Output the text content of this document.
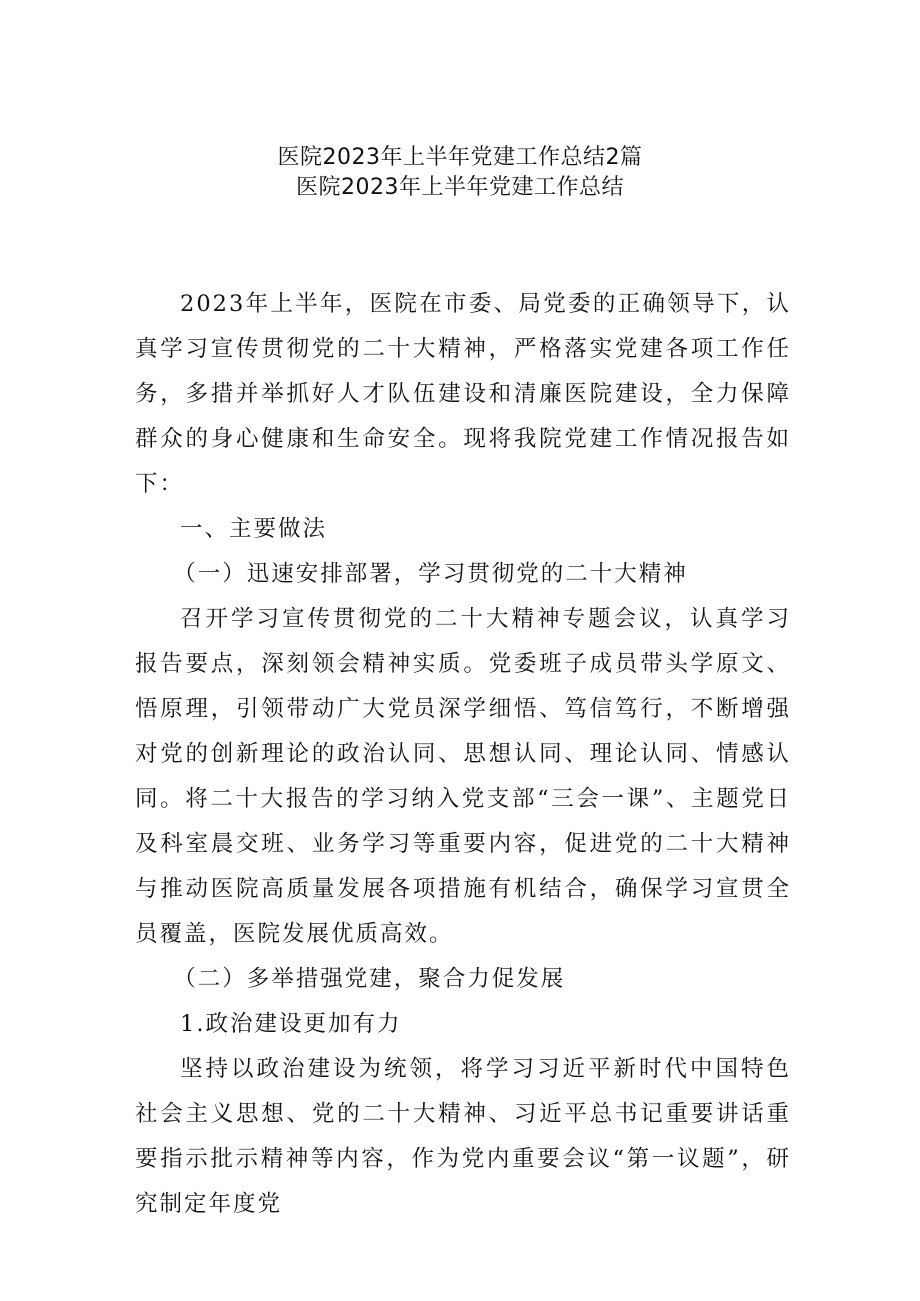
医院2023年上半年党建工作总结2篇
医院2023年上半年党建工作总结

2023年上半年，医院在市委、局党委的正确领导下，认真学习宣传贯彻党的二十大精神，严格落实党建各项工作任务，多措并举抓好人才队伍建设和清廉医院建设，全力保障群众的身心健康和生命安全。现将我院党建工作情况报告如下：

一、主要做法

（一）迅速安排部署，学习贯彻党的二十大精神

召开学习宣传贯彻党的二十大精神专题会议，认真学习报告要点，深刻领会精神实质。党委班子成员带头学原文、悟原理，引领带动广大党员深学细悟、笃信笃行，不断增强对党的创新理论的政治认同、思想认同、理论认同、情感认同。将二十大报告的学习纳入党支部“三会一课”、主题党日及科室晨交班、业务学习等重要内容，促进党的二十大精神与推动医院高质量发展各项措施有机结合，确保学习宣贯全员覆盖，医院发展优质高效。

（二）多举措强党建，聚合力促发展

1.政治建设更加有力

坚持以政治建设为统领，将学习习近平新时代中国特色社会主义思想、党的二十大精神、习近平总书记重要讲话重要指示批示精神等内容，作为党内重要会议“第一议题”，研究制定年度党
